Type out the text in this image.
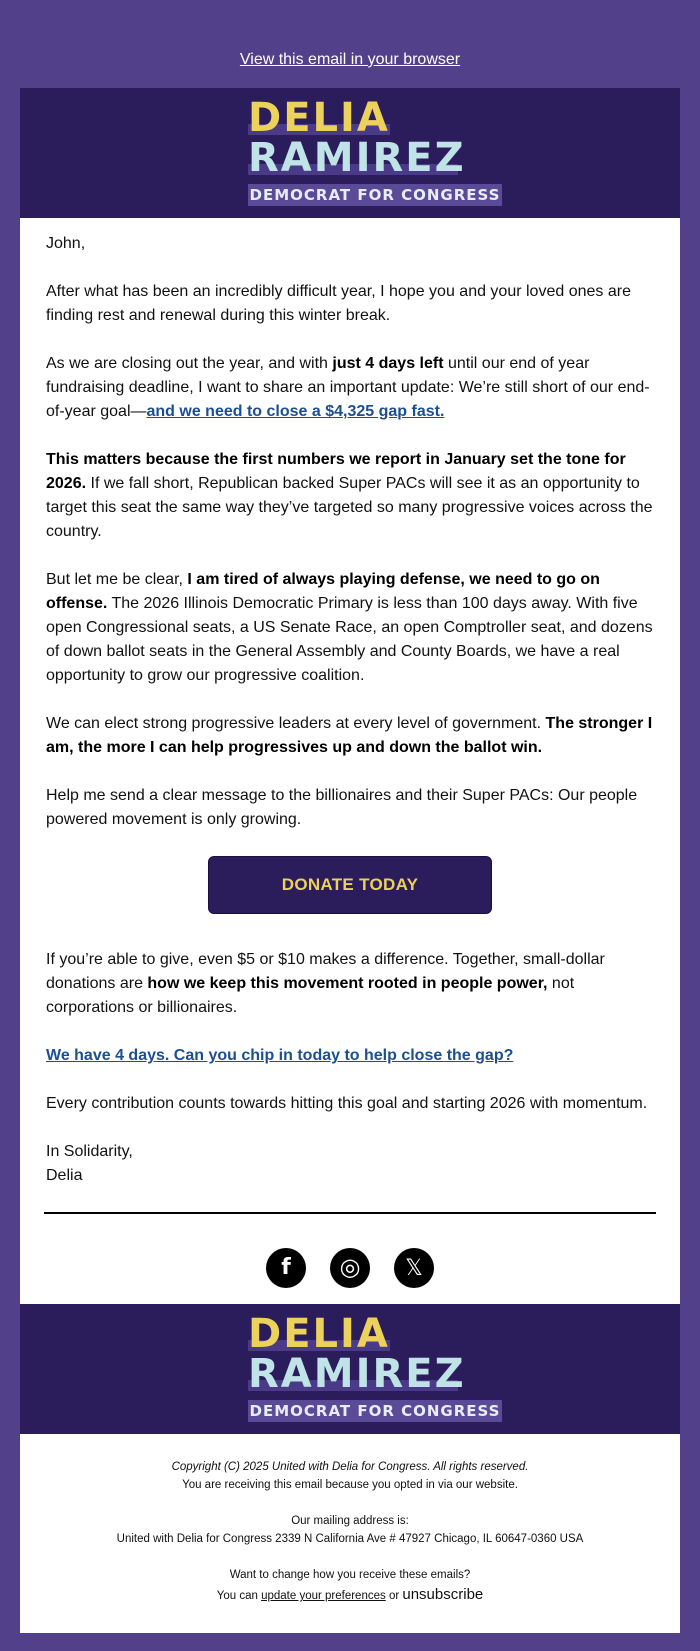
View this email in your browser
DELIA
RAMIREZ
DEMOCRAT FOR CONGRESS

John,

After what has been an incredibly difficult year, I hope you and your loved ones are finding rest and renewal during this winter break.

As we are closing out the year, and with just 4 days left until our end of year fundraising deadline, I want to share an important update: We’re still short of our end-of-year goal—and we need to close a $4,325 gap fast.

This matters because the first numbers we report in January set the tone for 2026. If we fall short, Republican backed Super PACs will see it as an opportunity to target this seat the same way they’ve targeted so many progressive voices across the country.

But let me be clear, I am tired of always playing defense, we need to go on offense. The 2026 Illinois Democratic Primary is less than 100 days away. With five open Congressional seats, a US Senate Race, an open Comptroller seat, and dozens of down ballot seats in the General Assembly and County Boards, we have a real opportunity to grow our progressive coalition.

We can elect strong progressive leaders at every level of government. The stronger I am, the more I can help progressives up and down the ballot win.

Help me send a clear message to the billionaires and their Super PACs: Our people powered movement is only growing.

DONATE TODAY

If you’re able to give, even $5 or $10 makes a difference. Together, small-dollar donations are how we keep this movement rooted in people power, not corporations or billionaires.

We have 4 days. Can you chip in today to help close the gap?

Every contribution counts towards hitting this goal and starting 2026 with momentum.

In Solidarity,
Delia

f	◎	𝕏
DELIA
RAMIREZ
DEMOCRAT FOR CONGRESS
Copyright (C) 2025 United with Delia for Congress. All rights reserved.
You are receiving this email because you opted in via our website.
Our mailing address is:
United with Delia for Congress 2339 N California Ave # 47927 Chicago, IL 60647-0360 USA
Want to change how you receive these emails?
You can update your preferences or unsubscribe
